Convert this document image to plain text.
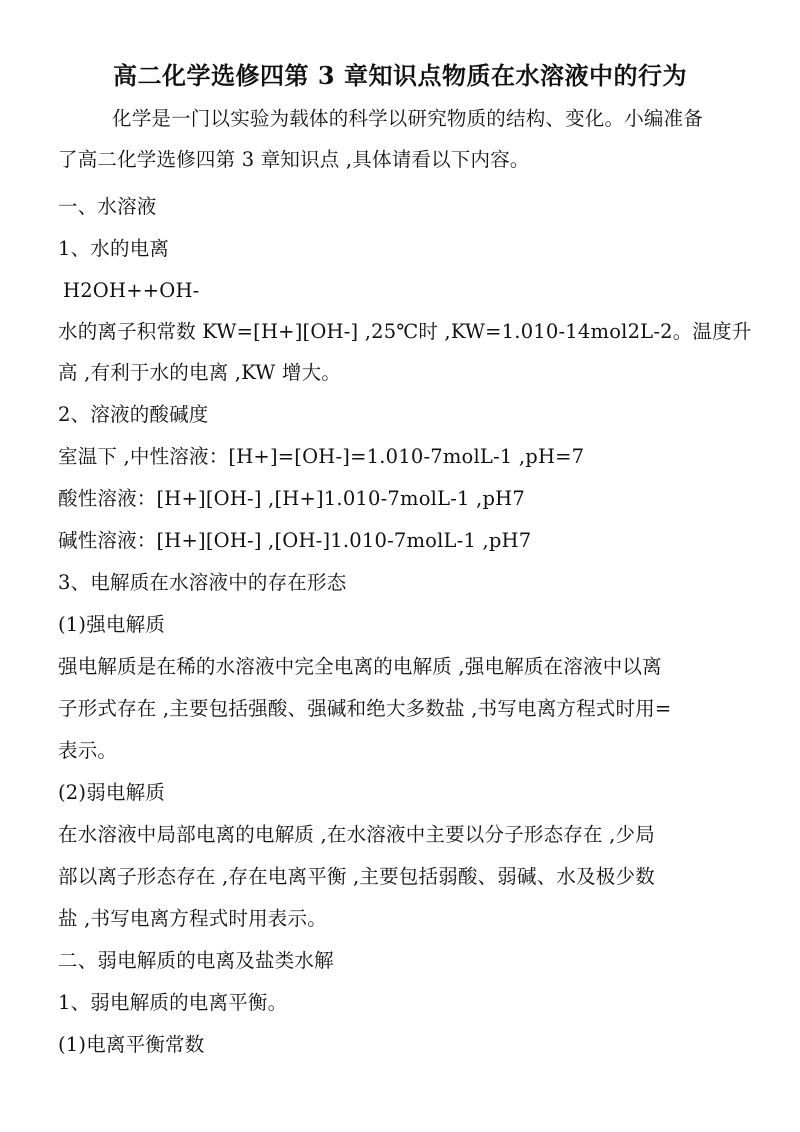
高二化学选修四第 3 章知识点物质在水溶液中的行为
化学是一门以实验为载体的科学以研究物质的结构、变化。小编准备
了高二化学选修四第 3 章知识点 ,具体请看以下内容。
一、水溶液
1、水的电离
H2OH++OH-
水的离子积常数 KW=[H+][OH-] ,25℃时 ,KW=1.010-14mol2L-2。温度升
高 ,有利于水的电离 ,KW 增大。
2、溶液的酸碱度
室温下 ,中性溶液：[H+]=[OH-]=1.010-7molL-1 ,pH=7
酸性溶液：[H+][OH-] ,[H+]1.010-7molL-1 ,pH7
碱性溶液：[H+][OH-] ,[OH-]1.010-7molL-1 ,pH7
3、电解质在水溶液中的存在形态
(1)强电解质
强电解质是在稀的水溶液中完全电离的电解质 ,强电解质在溶液中以离
子形式存在 ,主要包括强酸、强碱和绝大多数盐 ,书写电离方程式时用=
表示。
(2)弱电解质
在水溶液中局部电离的电解质 ,在水溶液中主要以分子形态存在 ,少局
部以离子形态存在 ,存在电离平衡 ,主要包括弱酸、弱碱、水及极少数
盐 ,书写电离方程式时用表示。
二、弱电解质的电离及盐类水解
1、弱电解质的电离平衡。
(1)电离平衡常数
